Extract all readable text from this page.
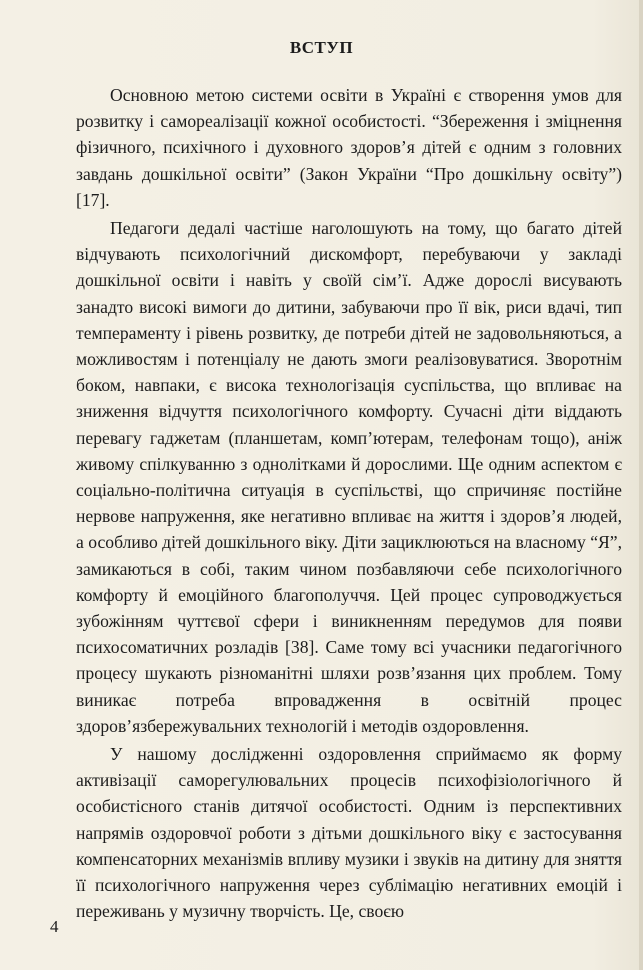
ВСТУП

Основною метою системи освіти в Україні є створення умов для розвитку і самореалізації кожної особистості. “Збереження і зміцнення фізичного, психічного і духовного здоров’я дітей є одним з головних завдань дошкільної освіти” (Закон України “Про дошкільну освіту”) [17].

Педагоги дедалі частіше наголошують на тому, що багато дітей відчувають психологічний дискомфорт, перебуваючи у закладі дошкільної освіти і навіть у своїй сім’ї. Адже дорослі висувають занадто високі вимоги до дитини, забуваючи про її вік, риси вдачі, тип темпераменту і рівень розвитку, де потреби дітей не задовольняються, а можливостям і потенціалу не дають змоги реалізовуватися. Зворотнім боком, навпаки, є висока технологізація суспільства, що впливає на зниження відчуття психологічного комфорту. Сучасні діти віддають перевагу гаджетам (планшетам, комп’ютерам, телефонам тощо), аніж живому спілкуванню з однолітками й дорослими. Ще одним аспектом є соціально-політична ситуація в суспільстві, що спричиняє постійне нервове напруження, яке негативно впливає на життя і здоров’я людей, а особливо дітей дошкільного віку. Діти зациклюються на власному “Я”, замикаються в собі, таким чином позбавляючи себе психологічного комфорту й емоційного благополуччя. Цей процес супроводжується зубожінням чуттєвої сфери і виникненням передумов для появи психосоматичних розладів [38]. Саме тому всі учасники педагогічного процесу шукають різноманітні шляхи розв’язання цих проблем. Тому виникає потреба впровадження в освітній процес здоров’язбережувальних технологій і методів оздоровлення.

У нашому дослідженні оздоровлення сприймаємо як форму активізації саморегулювальних процесів психофізіологічного й особистісного станів дитячої особистості. Одним із перспективних напрямів оздоровчої роботи з дітьми дошкільного віку є застосування компенсаторних механізмів впливу музики і звуків на дитину для зняття її психологічного напруження через сублімацію негативних емоцій і переживань у музичну творчість. Це, своєю

4
